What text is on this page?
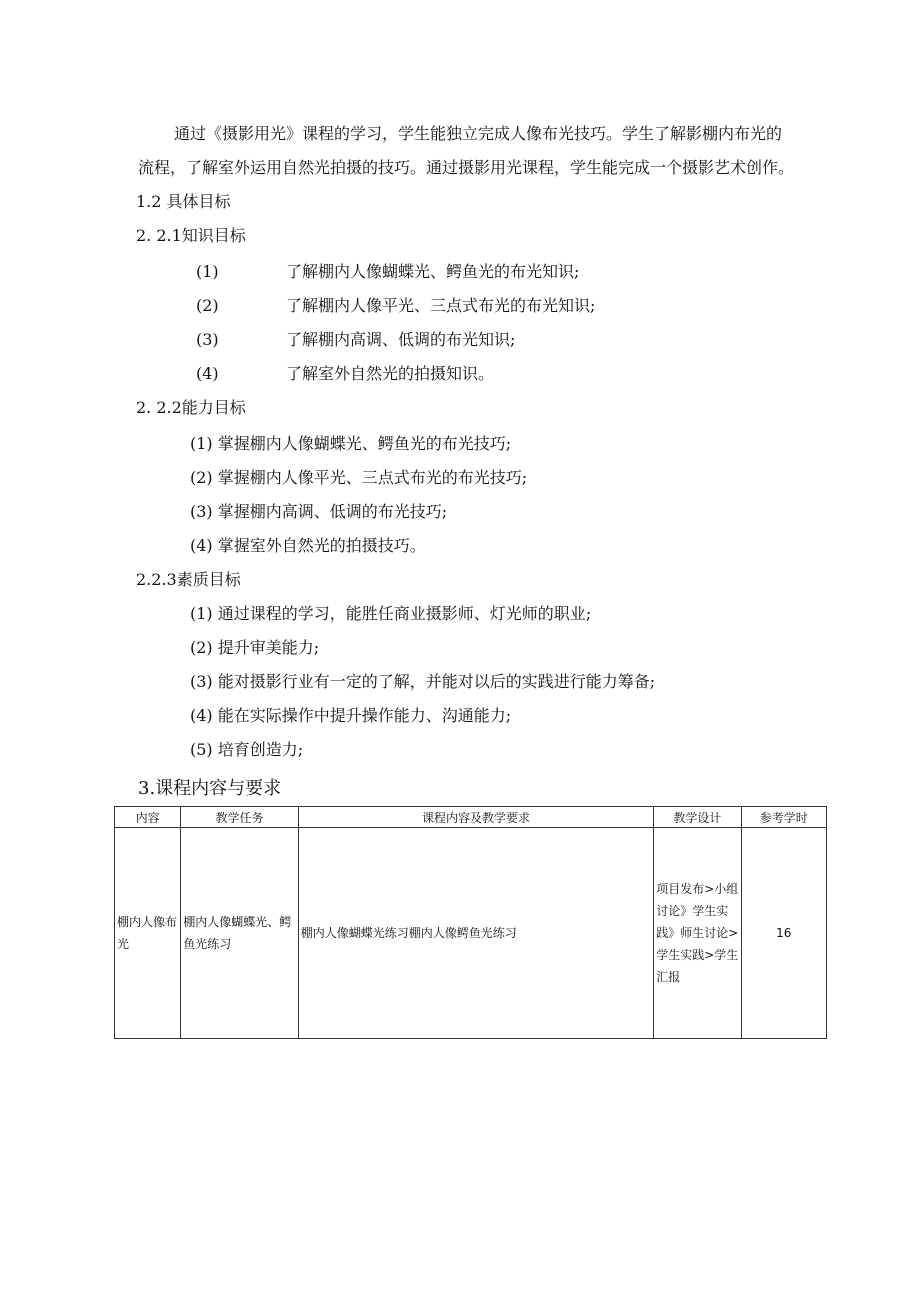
通过《摄影用光》课程的学习，学生能独立完成人像布光技巧。学生了解影棚内布光的
流程，了解室外运用自然光拍摄的技巧。通过摄影用光课程，学生能完成一个摄影艺术创作。
1.2 具体目标
2. 2.1知识目标
(1)	了解棚内人像蝴蝶光、鳄鱼光的布光知识;
(2)	了解棚内人像平光、三点式布光的布光知识;
(3)	了解棚内高调、低调的布光知识;
(4)	了解室外自然光的拍摄知识。
2. 2.2能力目标
(1) 掌握棚内人像蝴蝶光、鳄鱼光的布光技巧;
(2) 掌握棚内人像平光、三点式布光的布光技巧;
(3) 掌握棚内高调、低调的布光技巧;
(4) 掌握室外自然光的拍摄技巧。
2.2.3素质目标
(1) 通过课程的学习，能胜任商业摄影师、灯光师的职业;
(2) 提升审美能力;
(3) 能对摄影行业有一定的了解，并能对以后的实践进行能力筹备;
(4) 能在实际操作中提升操作能力、沟通能力;
(5) 培育创造力;
3.课程内容与要求
内容	教学任务	课程内容及教学要求	教学设计	参考学时
棚内人像布光	棚内人像蝴蝶光、鳄鱼光练习	棚内人像蝴蝶光练习棚内人像鳄鱼光练习	项目发布>小组讨论》学生实践》师生讨论>学生实践>学生汇报	16
